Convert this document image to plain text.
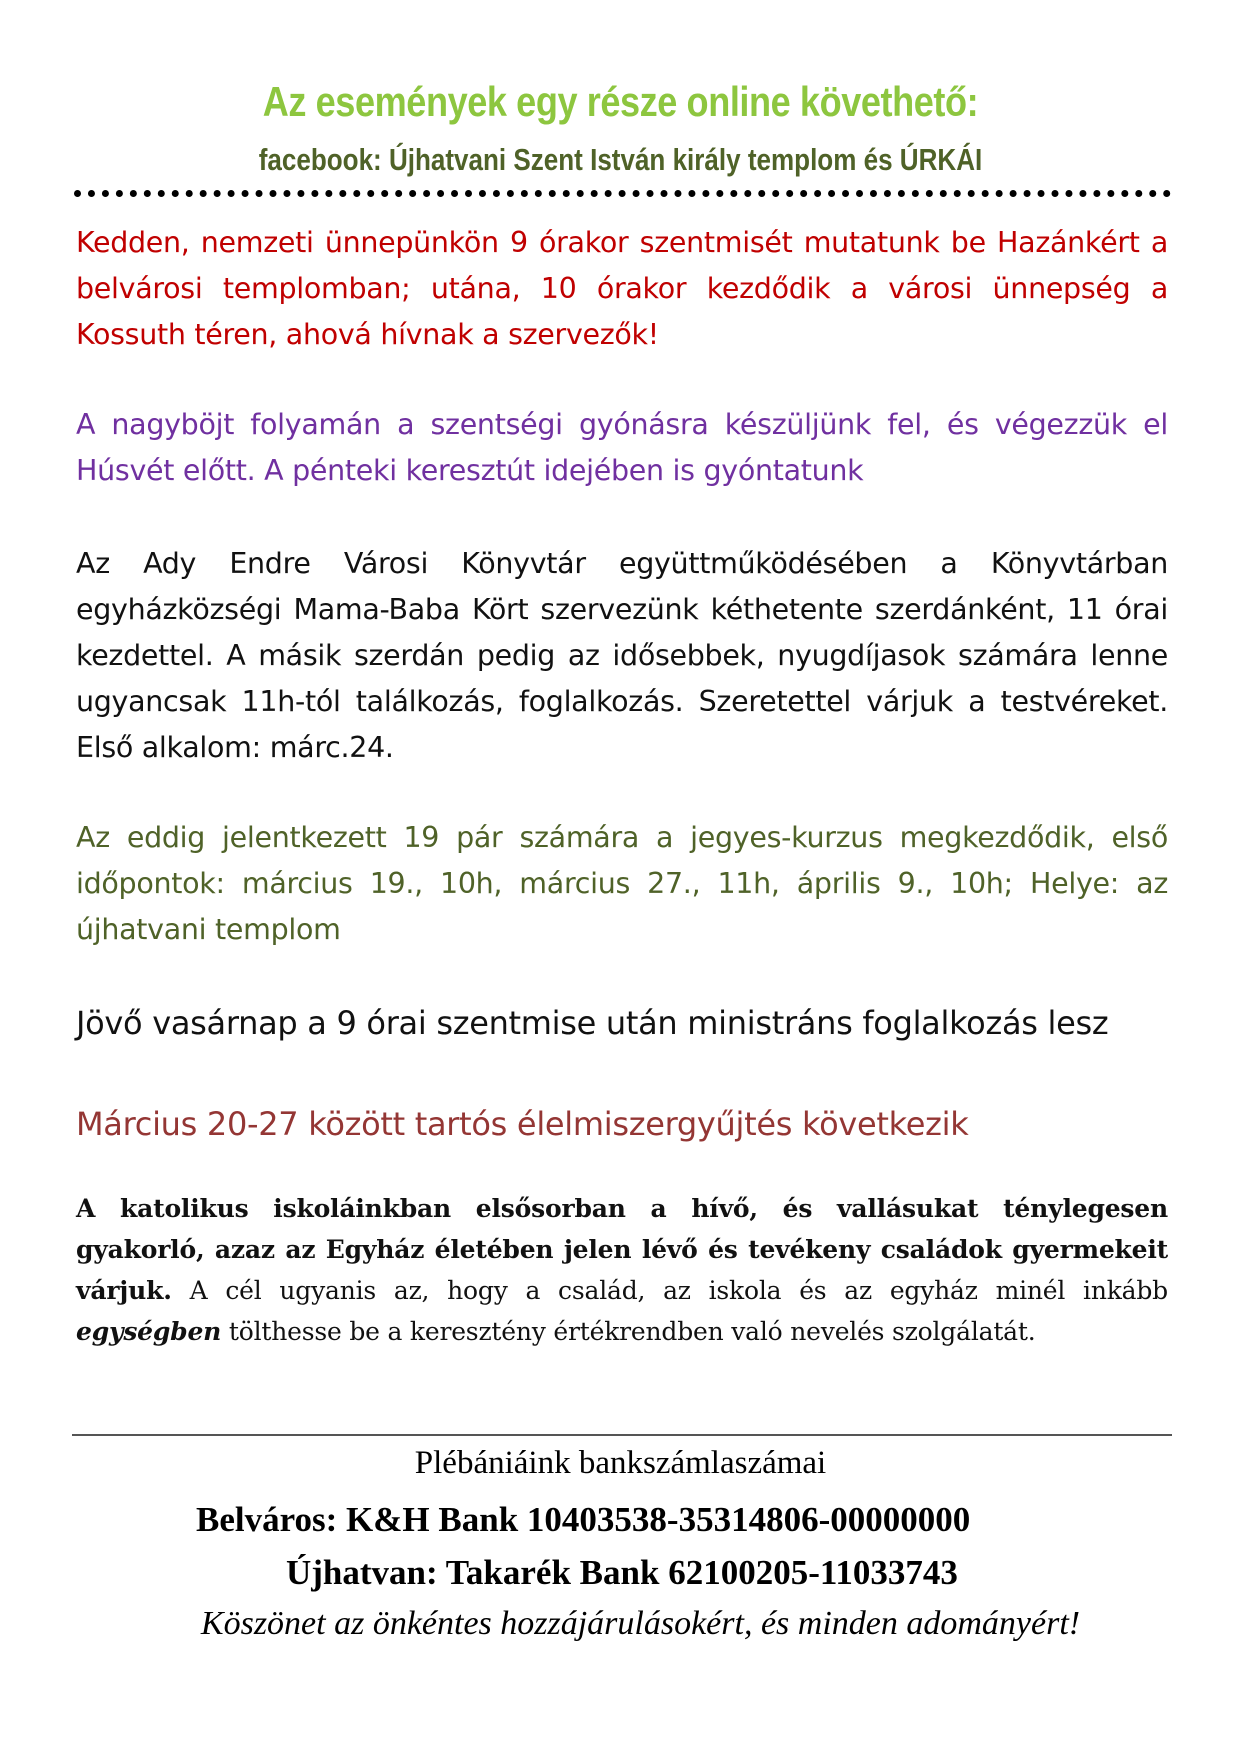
Az események egy része online követhető:
facebook: Újhatvani Szent István király templom és ÚRKÁI
Kedden, nemzeti ünnepünkön 9 órakor szentmisét mutatunk be Hazánkért a belvárosi templomban; utána, 10 órakor kezdődik a városi ünnepség a Kossuth téren, ahová hívnak a szervezők!
A nagyböjt folyamán a szentségi gyónásra készüljünk fel, és végezzük el Húsvét előtt. A pénteki keresztút idejében is gyóntatunk
Az Ady Endre Városi Könyvtár együttműködésében a Könyvtárban egyházközségi Mama-Baba Kört szervezünk kéthetente szerdánként, 11 órai kezdettel. A másik szerdán pedig az idősebbek, nyugdíjasok számára lenne ugyancsak 11h-tól találkozás, foglalkozás. Szeretettel várjuk a testvéreket. Első alkalom: márc.24.
Az eddig jelentkezett 19 pár számára a jegyes-kurzus megkezdődik, első időpontok: március 19., 10h, március 27., 11h, április 9., 10h; Helye: az újhatvani templom
Jövő vasárnap a 9 órai szentmise után ministráns foglalkozás lesz
Március 20-27 között tartós élelmiszergyűjtés következik
A katolikus iskoláinkban elsősorban a hívő, és vallásukat ténylegesen gyakorló, azaz az Egyház életében jelen lévő és tevékeny családok gyermekeit várjuk. A cél ugyanis az, hogy a család, az iskola és az egyház minél inkább egységben tölthesse be a keresztény értékrendben való nevelés szolgálatát.
Plébániáink bankszámlaszámai
Belváros: K&H Bank 10403538-35314806-00000000
Újhatvan: Takarék Bank 62100205-11033743
Köszönet az önkéntes hozzájárulásokért, és minden adományért!
